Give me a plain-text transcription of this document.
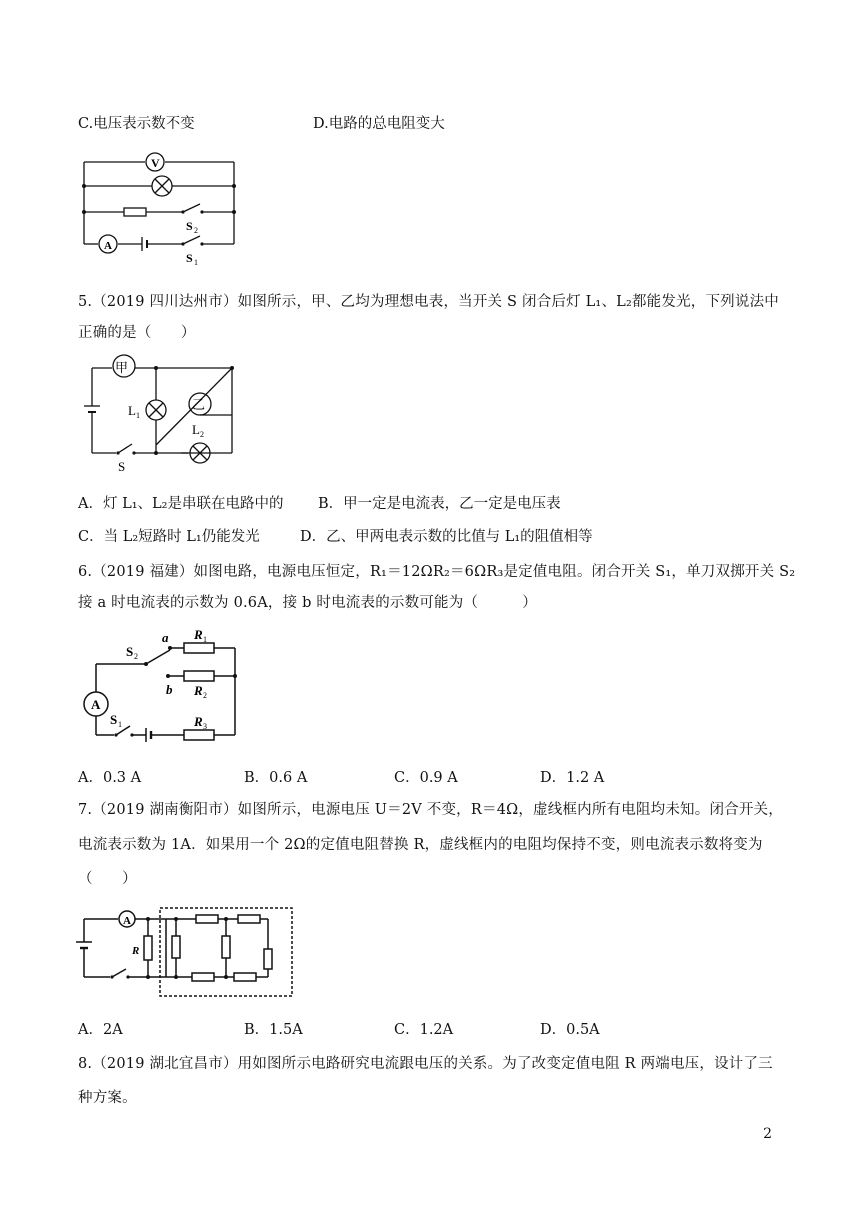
C.电压表示数不变	D.电路的总电阻变大
V
A
S 2
S 1
5.（2019 四川达州市）如图所示，甲、乙均为理想电表，当开关 S 闭合后灯 L₁、L₂都能发光，下列说法中
正确的是（　　）
甲
乙
L 1
L 2
S
A．灯 L₁、L₂是串联在电路中的 B．甲一定是电流表，乙一定是电压表
C．当 L₂短路时 L₁仍能发光	D．乙、甲两电表示数的比值与 L₁的阻值相等
6.（2019 福建）如图电路，电源电压恒定，R₁＝12ΩR₂＝6ΩR₃是定值电阻。闭合开关 S₁，单刀双掷开关 S₂
接 a 时电流表的示数为 0.6A，接 b 时电流表的示数可能为（　　　）
a
b
R 1
R 2
R 3
S 2
S 1
A
A．0.3 A	B．0.6 A	C．0.9 A	D．1.2 A
7.（2019 湖南衡阳市）如图所示，电源电压 U＝2V 不变，R＝4Ω，虚线框内所有电阻均未知。闭合开关，
电流表示数为 1A．如果用一个 2Ω的定值电阻替换 R，虚线框内的电阻均保持不变，则电流表示数将变为
（　　）
A
R
A．2A	B．1.5A	C．1.2A	D．0.5A
8.（2019 湖北宜昌市）用如图所示电路研究电流跟电压的关系。为了改变定值电阻 R 两端电压，设计了三
种方案。
2
